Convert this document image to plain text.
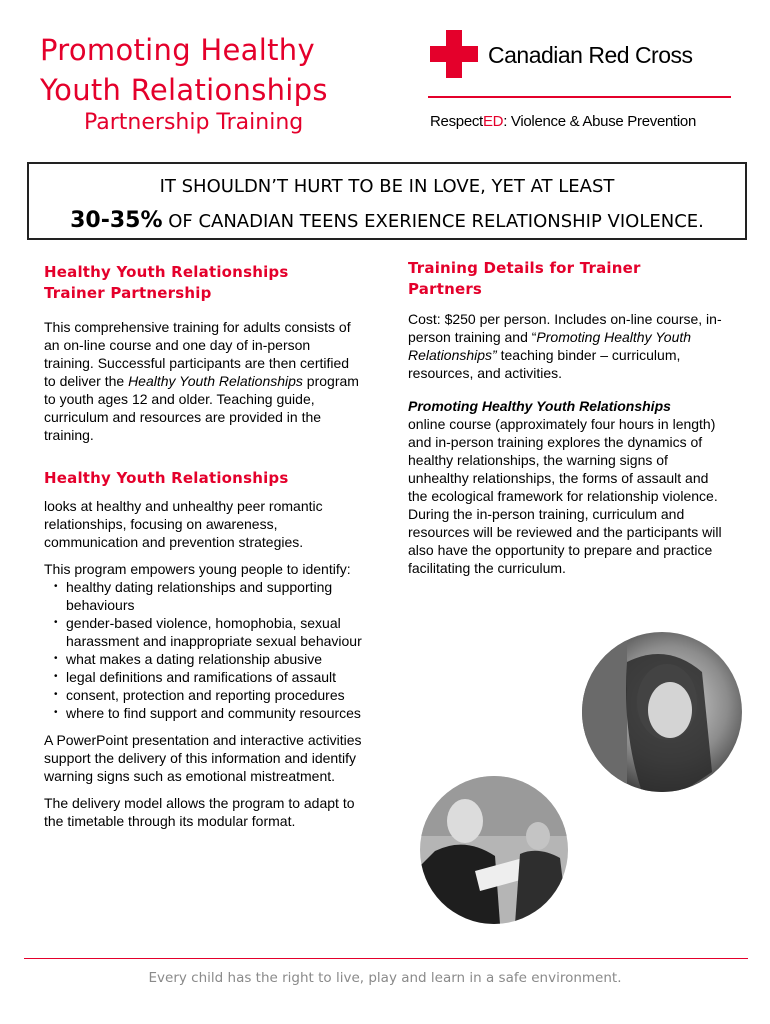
Promoting Healthy
Youth Relationships
Partnership Training
Canadian Red Cross
RespectED: Violence & Abuse Prevention
IT SHOULDN’T HURT TO BE IN LOVE, YET AT LEAST
30-35% OF CANADIAN TEENS EXERIENCE RELATIONSHIP VIOLENCE.
Healthy Youth Relationships Trainer Partnership

This comprehensive training for adults consists of an on-line course and one day of in-person training. Successful participants are then certified to deliver the Healthy Youth Relationships program to youth ages 12 and older. Teaching guide, curriculum and resources are provided in the training.

Healthy Youth Relationships

looks at healthy and unhealthy peer romantic relationships, focusing on awareness, communication and prevention strategies.

This program empowers young people to identify:

• healthy dating relationships and supporting behaviours
• gender-based violence, homophobia, sexual harassment and inappropriate sexual behaviour
• what makes a dating relationship abusive
• legal definitions and ramifications of assault
• consent, protection and reporting procedures
• where to find support and community resources

A PowerPoint presentation and interactive activities support the delivery of this information and identify warning signs such as emotional mistreatment.

The delivery model allows the program to adapt to the timetable through its modular format.

Training Details for Trainer Partners

Cost: $250 per person. Includes on-line course, in-person training and “Promoting Healthy Youth Relationships” teaching binder – curriculum, resources, and activities.

Promoting Healthy Youth Relationships
online course (approximately four hours in length) and in-person training explores the dynamics of healthy relationships, the warning signs of unhealthy relationships, the forms of assault and the ecological framework for relationship violence. During the in-person training, curriculum and resources will be reviewed and the participants will also have the opportunity to prepare and practice facilitating the curriculum.

Every child has the right to live, play and learn in a safe environment.
